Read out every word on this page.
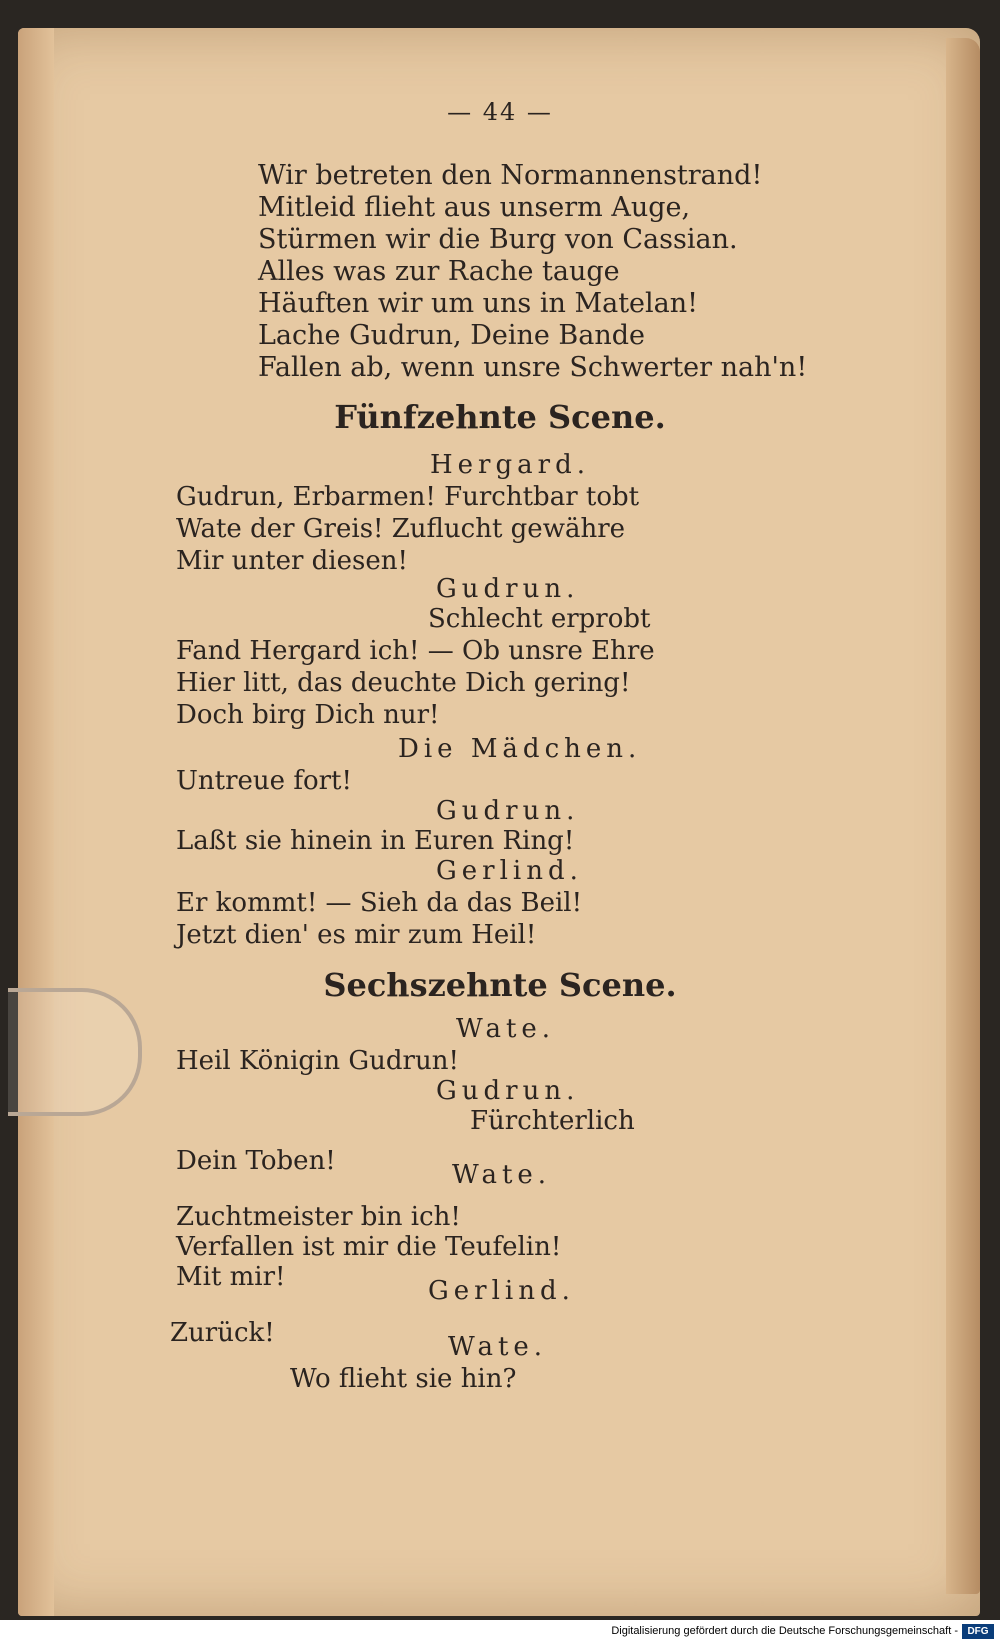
— 44 —
Wir betreten den Normannenstrand!
Mitleid flieht aus unserm Auge,
Stürmen wir die Burg von Cassian.
Alles was zur Rache tauge
Häuften wir um uns in Matelan!
Lache Gudrun, Deine Bande
Fallen ab, wenn unsre Schwerter nah'n!
Fünfzehnte Scene.
Hergard.
Gudrun, Erbarmen! Furchtbar tobt
Wate der Greis! Zuflucht gewähre
Mir unter diesen!
Gudrun.
Schlecht erprobt
Fand Hergard ich! — Ob unsre Ehre
Hier litt, das deuchte Dich gering!
Doch birg Dich nur!
Die Mädchen.
Untreue fort!
Gudrun.
Laßt sie hinein in Euren Ring!
Gerlind.
Er kommt! — Sieh da das Beil!
Jetzt dien' es mir zum Heil!
Sechszehnte Scene.
Wate.
Heil Königin Gudrun!
Gudrun.
Fürchterlich
Dein Toben!	Wate.
Zuchtmeister bin ich!
Verfallen ist mir die Teufelin!
Mit mir!	Gerlind.
Zurück!	Wate.
Wo flieht sie hin?
Digitalisierung gefördert durch die Deutsche Forschungsgemeinschaft - DFG
